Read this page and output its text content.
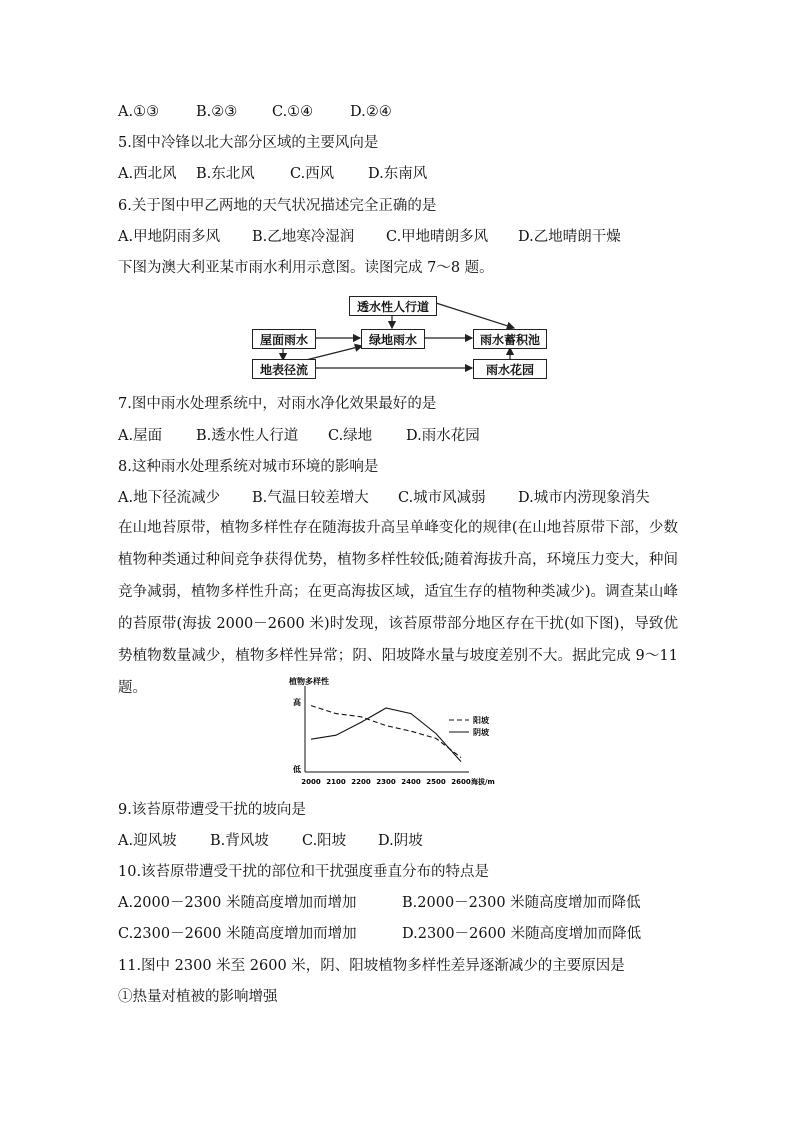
A.①③	B.②③ C.①④	D.②④
5.图中冷锋以北大部分区域的主要风向是
A.西北风 B.东北风 C.西风 D.东南风
6.关于图中甲乙两地的天气状况描述完全正确的是
A.甲地阴雨多风 B.乙地寒冷湿润 C.甲地晴朗多风 D.乙地晴朗干燥
下图为澳大利亚某市雨水利用示意图。读图完成 7～8 题。
透水性人行道
屋面雨水	绿地雨水	雨水蓄积池
地表径流	雨水花园
7.图中雨水处理系统中，对雨水净化效果最好的是
A.屋面 B.透水性人行道 C.绿地 D.雨水花园
8.这种雨水处理系统对城市环境的影响是
A.地下径流减少 B.气温日较差增大 C.城市风减弱 D.城市内涝现象消失
在山地苔原带，植物多样性存在随海拔升高呈单峰变化的规律(在山地苔原带下部，少数植物种类通过种间竞争获得优势，植物多样性较低;随着海拔升高，环境压力变大，种间竞争减弱，植物多样性升高；在更高海拔区域，适宜生存的植物种类减少)。调查某山峰的苔原带(海拔 2000－2600 米)时发现，该苔原带部分地区存在干扰(如下图)，导致优势植物数量减少，植物多样性异常；阴、阳坡降水量与坡度差别不大。据此完成 9～11 题。	植物多样性
高
低
2000 2100 2200 2300 2400 2500 2600 海拔/m
阳坡
阴坡
9.该苔原带遭受干扰的坡向是
A.迎风坡 B.背风坡 C.阳坡 D.阴坡
10.该苔原带遭受干扰的部位和干扰强度垂直分布的特点是
A.2000－2300 米随高度增加而增加	B.2000－2300 米随高度增加而降低
C.2300－2600 米随高度增加而增加	D.2300－2600 米随高度增加而降低
11.图中 2300 米至 2600 米，阴、阳坡植物多样性差异逐渐减少的主要原因是
①热量对植被的影响增强
